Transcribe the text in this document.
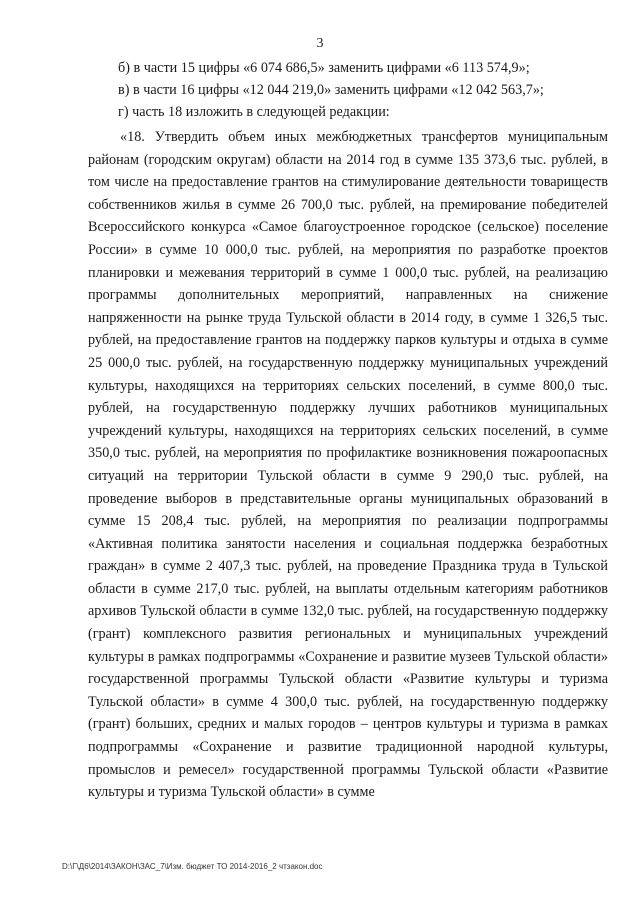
3
б) в части 15 цифры «6 074 686,5» заменить цифрами «6 113 574,9»;
в) в части 16 цифры «12 044 219,0» заменить цифрами «12 042 563,7»;
г) часть 18 изложить в следующей редакции:
«18. Утвердить объем иных межбюджетных трансфертов муниципальным районам (городским округам) области на 2014 год в сумме 135 373,6 тыс. рублей, в том числе на предоставление грантов на стимулирование деятельности товариществ собственников жилья в сумме 26 700,0 тыс. рублей, на премирование победителей Всероссийского конкурса «Самое благоустроенное городское (сельское) поселение России» в сумме 10 000,0 тыс. рублей, на мероприятия по разработке проектов планировки и межевания территорий в сумме 1 000,0 тыс. рублей, на реализацию программы дополнительных мероприятий, направленных на снижение напряженности на рынке труда Тульской области в 2014 году, в сумме 1 326,5 тыс. рублей, на предоставление грантов на поддержку парков культуры и отдыха в сумме 25 000,0 тыс. рублей, на государственную поддержку муниципальных учреждений культуры, находящихся на территориях сельских поселений, в сумме 800,0 тыс. рублей, на государственную поддержку лучших работников муниципальных учреждений культуры, находящихся на территориях сельских поселений, в сумме 350,0 тыс. рублей, на мероприятия по профилактике возникновения пожароопасных ситуаций на территории Тульской области в сумме 9 290,0 тыс. рублей, на проведение выборов в представительные органы муниципальных образований в сумме 15 208,4 тыс. рублей, на мероприятия по реализации подпрограммы «Активная политика занятости населения и социальная поддержка безработных граждан» в сумме 2 407,3 тыс. рублей, на проведение Праздника труда в Тульской области в сумме 217,0 тыс. рублей, на выплаты отдельным категориям работников архивов Тульской области в сумме 132,0 тыс. рублей, на государственную поддержку (грант) комплексного развития региональных и муниципальных учреждений культуры в рамках подпрограммы «Сохранение и развитие музеев Тульской области» государственной программы Тульской области «Развитие культуры и туризма Тульской области» в сумме 4 300,0 тыс. рублей, на государственную поддержку (грант) больших, средних и малых городов – центров культуры и туризма в рамках подпрограммы «Сохранение и развитие традиционной народной культуры, промыслов и ремесел» государственной программы Тульской области «Развитие культуры и туризма Тульской области» в сумме
D:\Г\Д6\2014\ЗАКОН\ЗАС_7\Изм. бюджет ТО 2014-2016_2 чтзакон.doc
